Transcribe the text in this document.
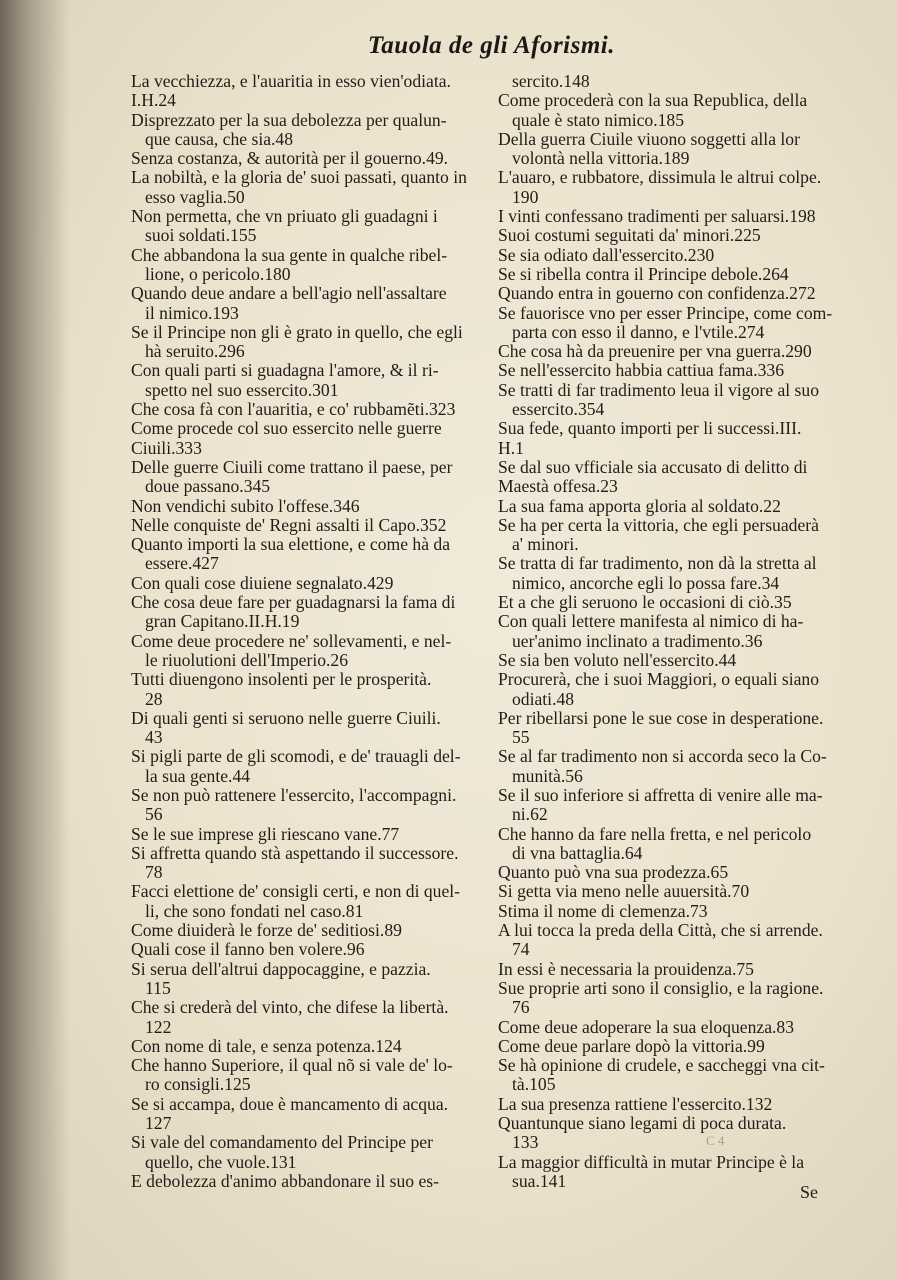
Tauola de gli Aforismi.
La vecchiezza, e l'auaritia in esso vien'odiata.
I.H.24
Disprezzato per la sua debolezza per qualun-
que causa, che sia.48
Senza costanza, & autorità per il gouerno.49.
La nobiltà, e la gloria de' suoi passati, quanto in
esso vaglia.50
Non permetta, che vn priuato gli guadagni i
suoi soldati.155
Che abbandona la sua gente in qualche ribel-
lione, o pericolo.180
Quando deue andare a bell'agio nell'assaltare
il nimico.193
Se il Principe non gli è grato in quello, che egli
hà seruito.296
Con quali parti si guadagna l'amore, & il ri-
spetto nel suo essercito.301
Che cosa fà con l'auaritia, e co' rubbamẽti.323
Come procede col suo essercito nelle guerre
Ciuili.333
Delle guerre Ciuili come trattano il paese, per
doue passano.345
Non vendichi subito l'offese.346
Nelle conquiste de' Regni assalti il Capo.352
Quanto importi la sua elettione, e come hà da
essere.427
Con quali cose diuiene segnalato.429
Che cosa deue fare per guadagnarsi la fama di
gran Capitano.II.H.19
Come deue procedere ne' sollevamenti, e nel-
le riuolutioni dell'Imperio.26
Tutti diuengono insolenti per le prosperità.
28
Di quali genti si seruono nelle guerre Ciuili.
43
Si pigli parte de gli scomodi, e de' trauagli del-
la sua gente.44
Se non può rattenere l'essercito, l'accompagni.
56
Se le sue imprese gli riescano vane.77
Si affretta quando stà aspettando il successore.
78
Facci elettione de' consigli certi, e non di quel-
li, che sono fondati nel caso.81
Come diuiderà le forze de' seditiosi.89
Quali cose il fanno ben volere.96
Si serua dell'altrui dappocaggine, e pazzia.
115
Che si crederà del vinto, che difese la libertà.
122
Con nome di tale, e senza potenza.124
Che hanno Superiore, il qual nõ si vale de' lo-
ro consigli.125
Se si accampa, doue è mancamento di acqua.
127
Si vale del comandamento del Principe per
quello, che vuole.131
E debolezza d'animo abbandonare il suo es-
sercito.148
Come procederà con la sua Republica, della
quale è stato nimico.185
Della guerra Ciuile viuono soggetti alla lor
volontà nella vittoria.189
L'auaro, e rubbatore, dissimula le altrui colpe.
190
I vinti confessano tradimenti per saluarsi.198
Suoi costumi seguitati da' minori.225
Se sia odiato dall'essercito.230
Se si ribella contra il Principe debole.264
Quando entra in gouerno con confidenza.272
Se fauorisce vno per esser Principe, come com-
parta con esso il danno, e l'vtile.274
Che cosa hà da preuenire per vna guerra.290
Se nell'essercito habbia cattiua fama.336
Se tratti di far tradimento leua il vigore al suo
essercito.354
Sua fede, quanto importi per li successi.III.
H.1
Se dal suo vfficiale sia accusato di delitto di
Maestà offesa.23
La sua fama apporta gloria al soldato.22
Se ha per certa la vittoria, che egli persuaderà
a' minori.
Se tratta di far tradimento, non dà la stretta al
nimico, ancorche egli lo possa fare.34
Et a che gli seruono le occasioni di ciò.35
Con quali lettere manifesta al nimico di ha-
uer'animo inclinato a tradimento.36
Se sia ben voluto nell'essercito.44
Procurerà, che i suoi Maggiori, o equali siano
odiati.48
Per ribellarsi pone le sue cose in desperatione.
55
Se al far tradimento non si accorda seco la Co-
munità.56
Se il suo inferiore si affretta di venire alle ma-
ni.62
Che hanno da fare nella fretta, e nel pericolo
di vna battaglia.64
Quanto può vna sua prodezza.65
Si getta via meno nelle auuersità.70
Stima il nome di clemenza.73
A lui tocca la preda della Città, che si arrende.
74
In essi è necessaria la prouidenza.75
Sue proprie arti sono il consiglio, e la ragione.
76
Come deue adoperare la sua eloquenza.83
Come deue parlare dopò la vittoria.99
Se hà opinione di crudele, e saccheggi vna cit-
tà.105
La sua presenza rattiene l'essercito.132
Quantunque siano legami di poca durata.
133
La maggior difficultà in mutar Principe è la
sua.141
C 4
Se
